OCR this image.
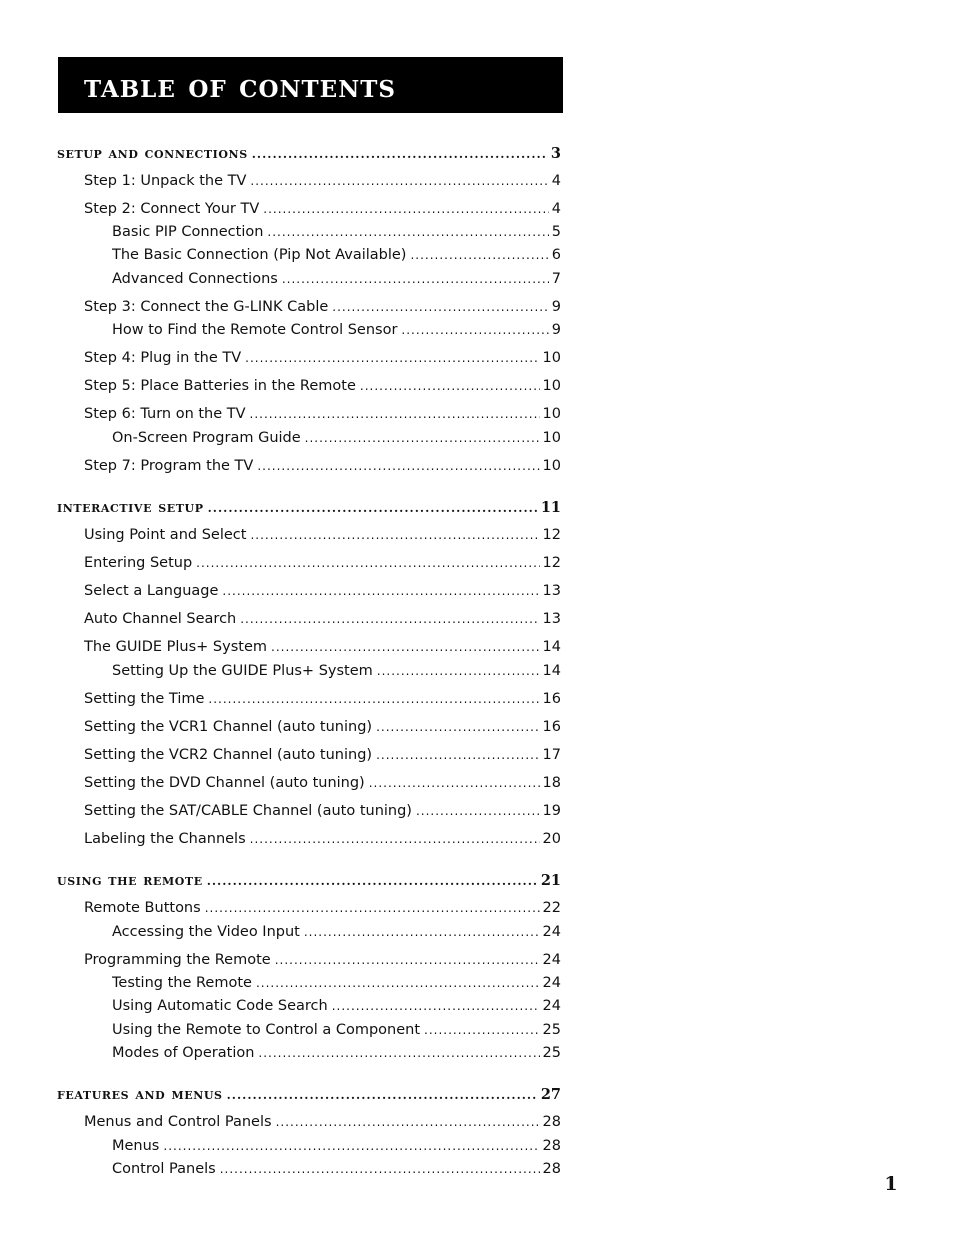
table of contents
setup and connections .....	3
Step 1: Unpack the TV .....	4
Step 2: Connect Your TV .....	4
Basic PIP Connection .....	5
The Basic Connection (Pip Not Available) .....	6
Advanced Connections .....	7
Step 3: Connect the G-LINK Cable .....	9
How to Find the Remote Control Sensor .....	9
Step 4: Plug in the TV .....	10
Step 5: Place Batteries in the Remote .....	10
Step 6: Turn on the TV .....	10
On-Screen Program Guide .....	10
Step 7: Program the TV .....	10
interactive setup .....	11
Using Point and Select .....	12
Entering Setup .....	12
Select a Language .....	13
Auto Channel Search .....	13
The GUIDE Plus+ System .....	14
Setting Up the GUIDE Plus+ System .....	14
Setting the Time .....	16
Setting the VCR1 Channel (auto tuning) .....	16
Setting the VCR2 Channel (auto tuning) .....	17
Setting the DVD Channel (auto tuning) .....	18
Setting the SAT/CABLE Channel (auto tuning) .....	19
Labeling the Channels .....	20
using the remote .....	21
Remote Buttons .....	22
Accessing the Video Input .....	24
Programming the Remote .....	24
Testing the Remote .....	24
Using Automatic Code Search .....	24
Using the Remote to Control a Component .....	25
Modes of Operation .....	25
features and menus .....	27
Menus and Control Panels .....	28
Menus .....	28
Control Panels .....	28
1
